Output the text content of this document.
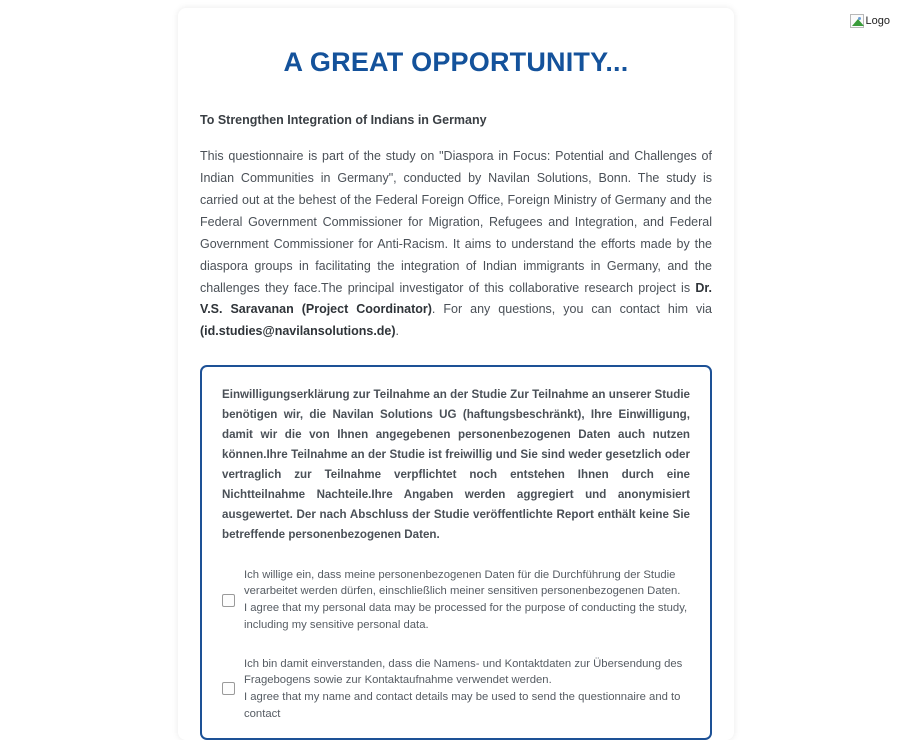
Logo
A GREAT OPPORTUNITY...
To Strengthen Integration of Indians in Germany

This questionnaire is part of the study on "Diaspora in Focus: Potential and Challenges of Indian Communities in Germany", conducted by Navilan Solutions, Bonn. The study is carried out at the behest of the Federal Foreign Office, Foreign Ministry of Germany and the Federal Government Commissioner for Migration, Refugees and Integration, and Federal Government Commissioner for Anti-Racism. It aims to understand the efforts made by the diaspora groups in facilitating the integration of Indian immigrants in Germany, and the challenges they face.The principal investigator of this collaborative research project is Dr. V.S. Saravanan (Project Coordinator). For any questions, you can contact him via (id.studies@navilansolutions.de).

Einwilligungserklärung zur Teilnahme an der Studie Zur Teilnahme an unserer Studie benötigen wir, die Navilan Solutions UG (haftungsbeschränkt), Ihre Einwilligung, damit wir die von Ihnen angegebenen personenbezogenen Daten auch nutzen können.Ihre Teilnahme an der Studie ist freiwillig und Sie sind weder gesetzlich oder vertraglich zur Teilnahme verpflichtet noch entstehen Ihnen durch eine Nichtteilnahme Nachteile.Ihre Angaben werden aggregiert und anonymisiert ausgewertet. Der nach Abschluss der Studie veröffentlichte Report enthält keine Sie betreffende personenbezogenen Daten.

Ich willige ein, dass meine personenbezogenen Daten für die Durchführung der Studie verarbeitet werden dürfen, einschließlich meiner sensitiven personenbezogenen Daten.
I agree that my personal data may be processed for the purpose of conducting the study, including my sensitive personal data.
Ich bin damit einverstanden, dass die Namens- und Kontaktdaten zur Übersendung des Fragebogens sowie zur Kontaktaufnahme verwendet werden.
I agree that my name and contact details may be used to send the questionnaire and to contact
